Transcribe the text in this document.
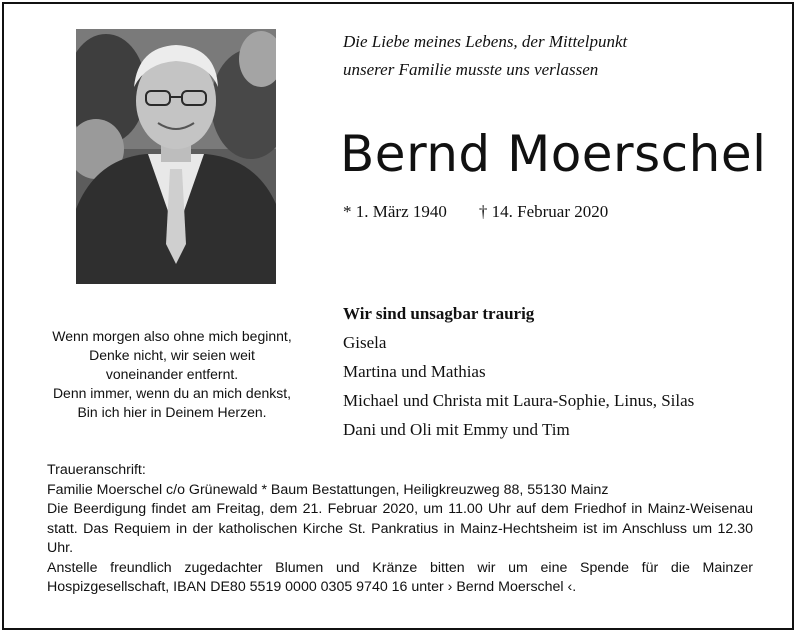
Die Liebe meines Lebens, der Mittelpunkt
unserer Familie musste uns verlassen
Bernd Moerschel
* 1. März 1940 † 14. Februar 2020
Wenn morgen also ohne mich beginnt,
Denke nicht, wir seien weit
voneinander entfernt.
Denn immer, wenn du an mich denkst,
Bin ich hier in Deinem Herzen.
Wir sind unsagbar traurig
Gisela
Martina und Mathias
Michael und Christa mit Laura-Sophie, Linus, Silas
Dani und Oli mit Emmy und Tim

Traueranschrift:

Familie Moerschel c/o Grünewald * Baum Bestattungen, Heiligkreuzweg 88, 55130 Mainz

Die Beerdigung findet am Freitag, dem 21. Februar 2020, um 11.00 Uhr auf dem Friedhof in Mainz-Weisenau statt. Das Requiem in der katholischen Kirche St. Pankratius in Mainz-Hechtsheim ist im Anschluss um 12.30 Uhr.

Anstelle freundlich zugedachter Blumen und Kränze bitten wir um eine Spende für die Mainzer Hospizgesellschaft, IBAN DE80 5519 0000 0305 9740 16 unter › Bernd Moerschel ‹.
